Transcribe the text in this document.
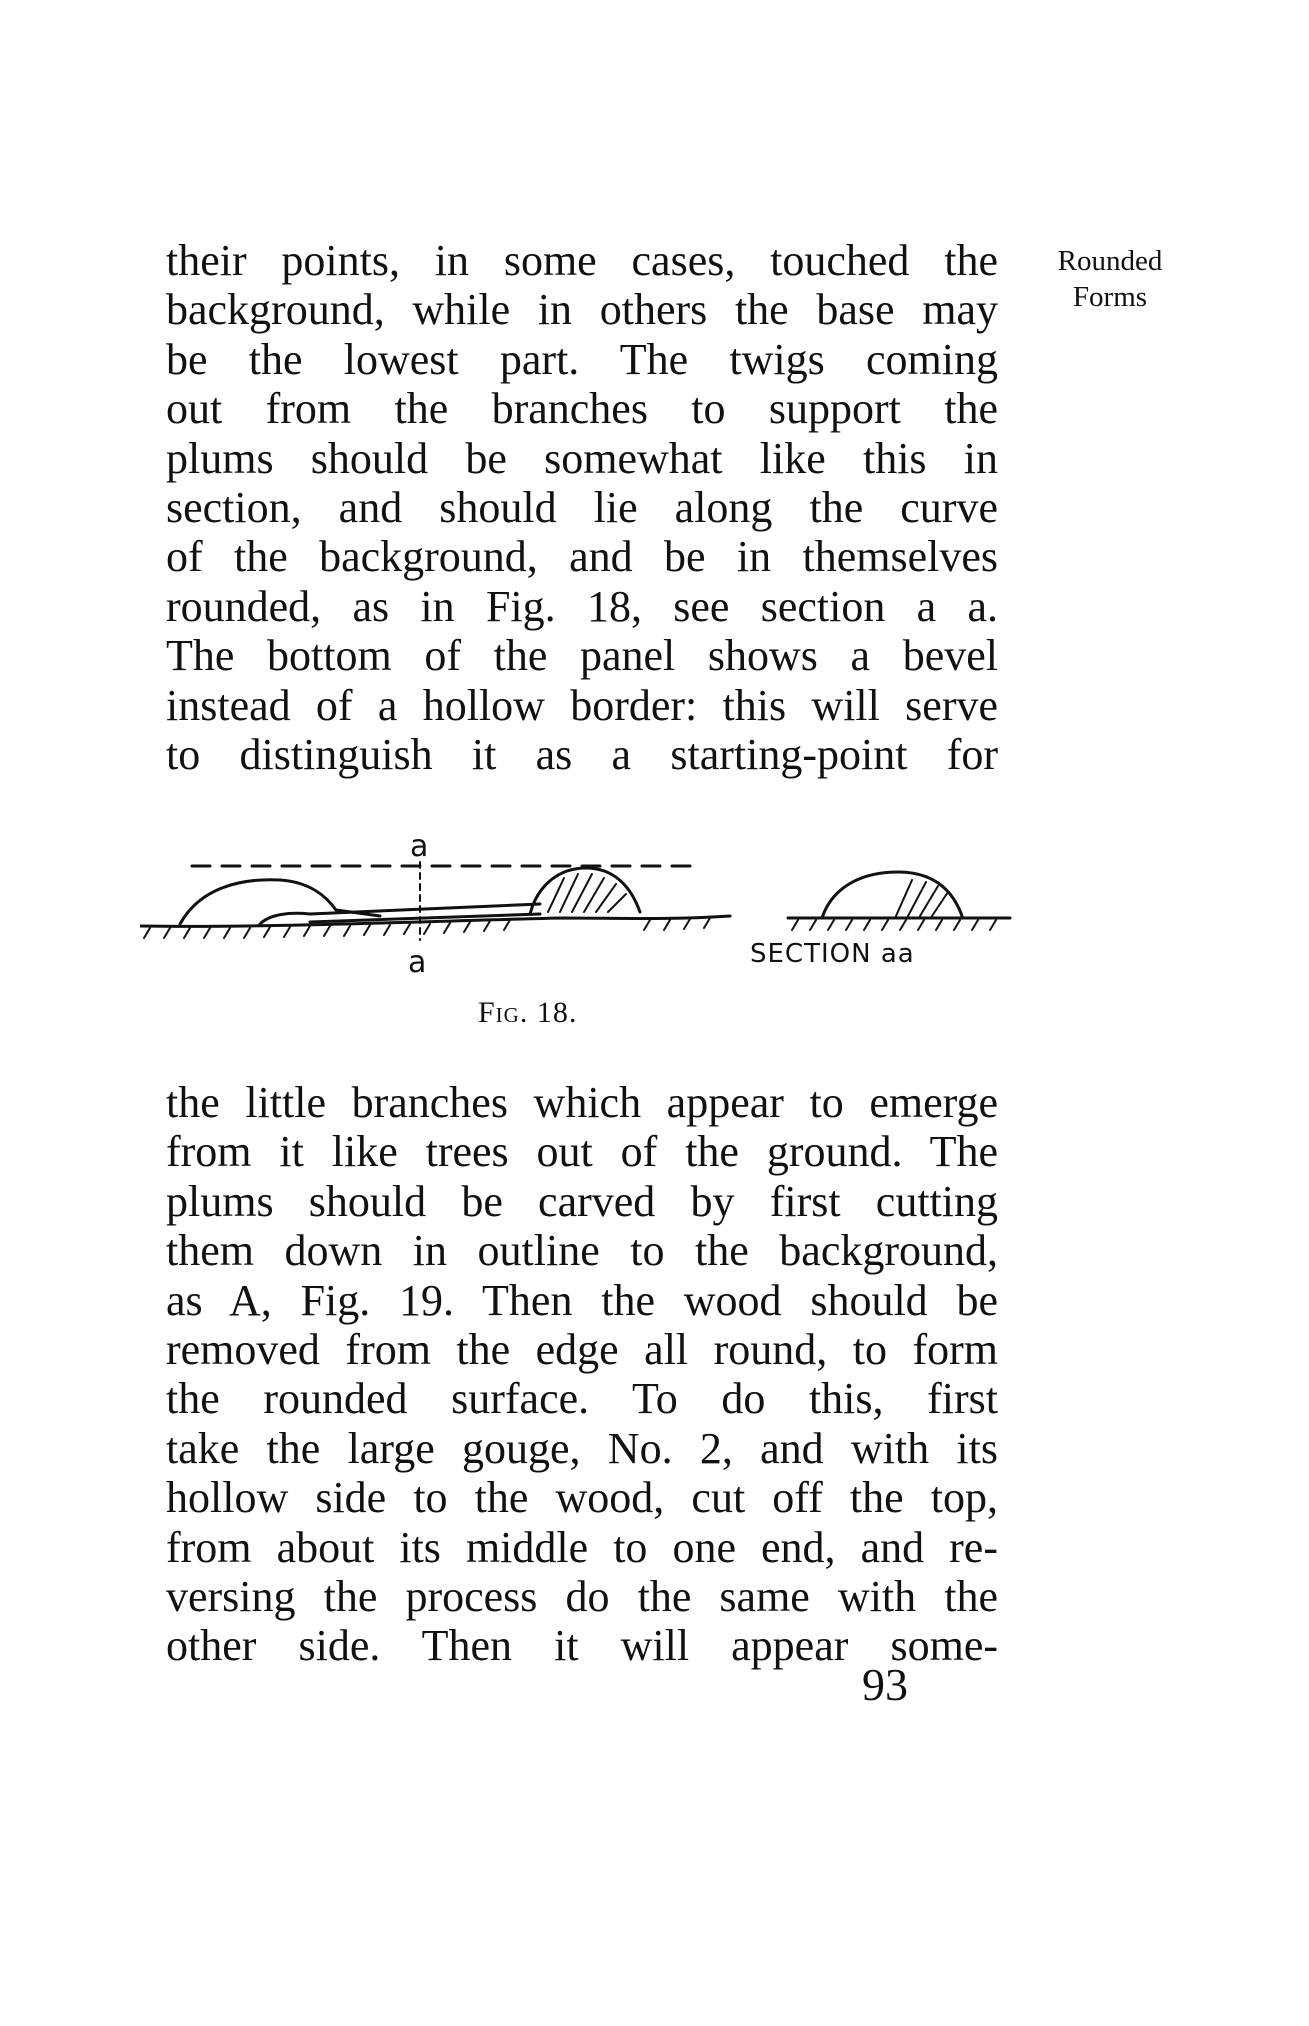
Rounded
Forms
their points, in some cases, touched the
background, while in others the base may
be the lowest part. The twigs coming
out from the branches to support the
plums should be somewhat like this in
section, and should lie along the curve
of the background, and be in themselves
rounded, as in Fig. 18, see section a a.
The bottom of the panel shows a bevel
instead of a hollow border: this will serve
to distinguish it as a starting-point for
a
a	SECTION aa
Fig. 18.
the little branches which appear to emerge
from it like trees out of the ground. The
plums should be carved by first cutting
them down in outline to the background,
as A, Fig. 19. Then the wood should be
removed from the edge all round, to form
the rounded surface. To do this, first
take the large gouge, No. 2, and with its
hollow side to the wood, cut off the top,
from about its middle to one end, and re-
versing the process do the same with the
other side. Then it will appear some-
93
